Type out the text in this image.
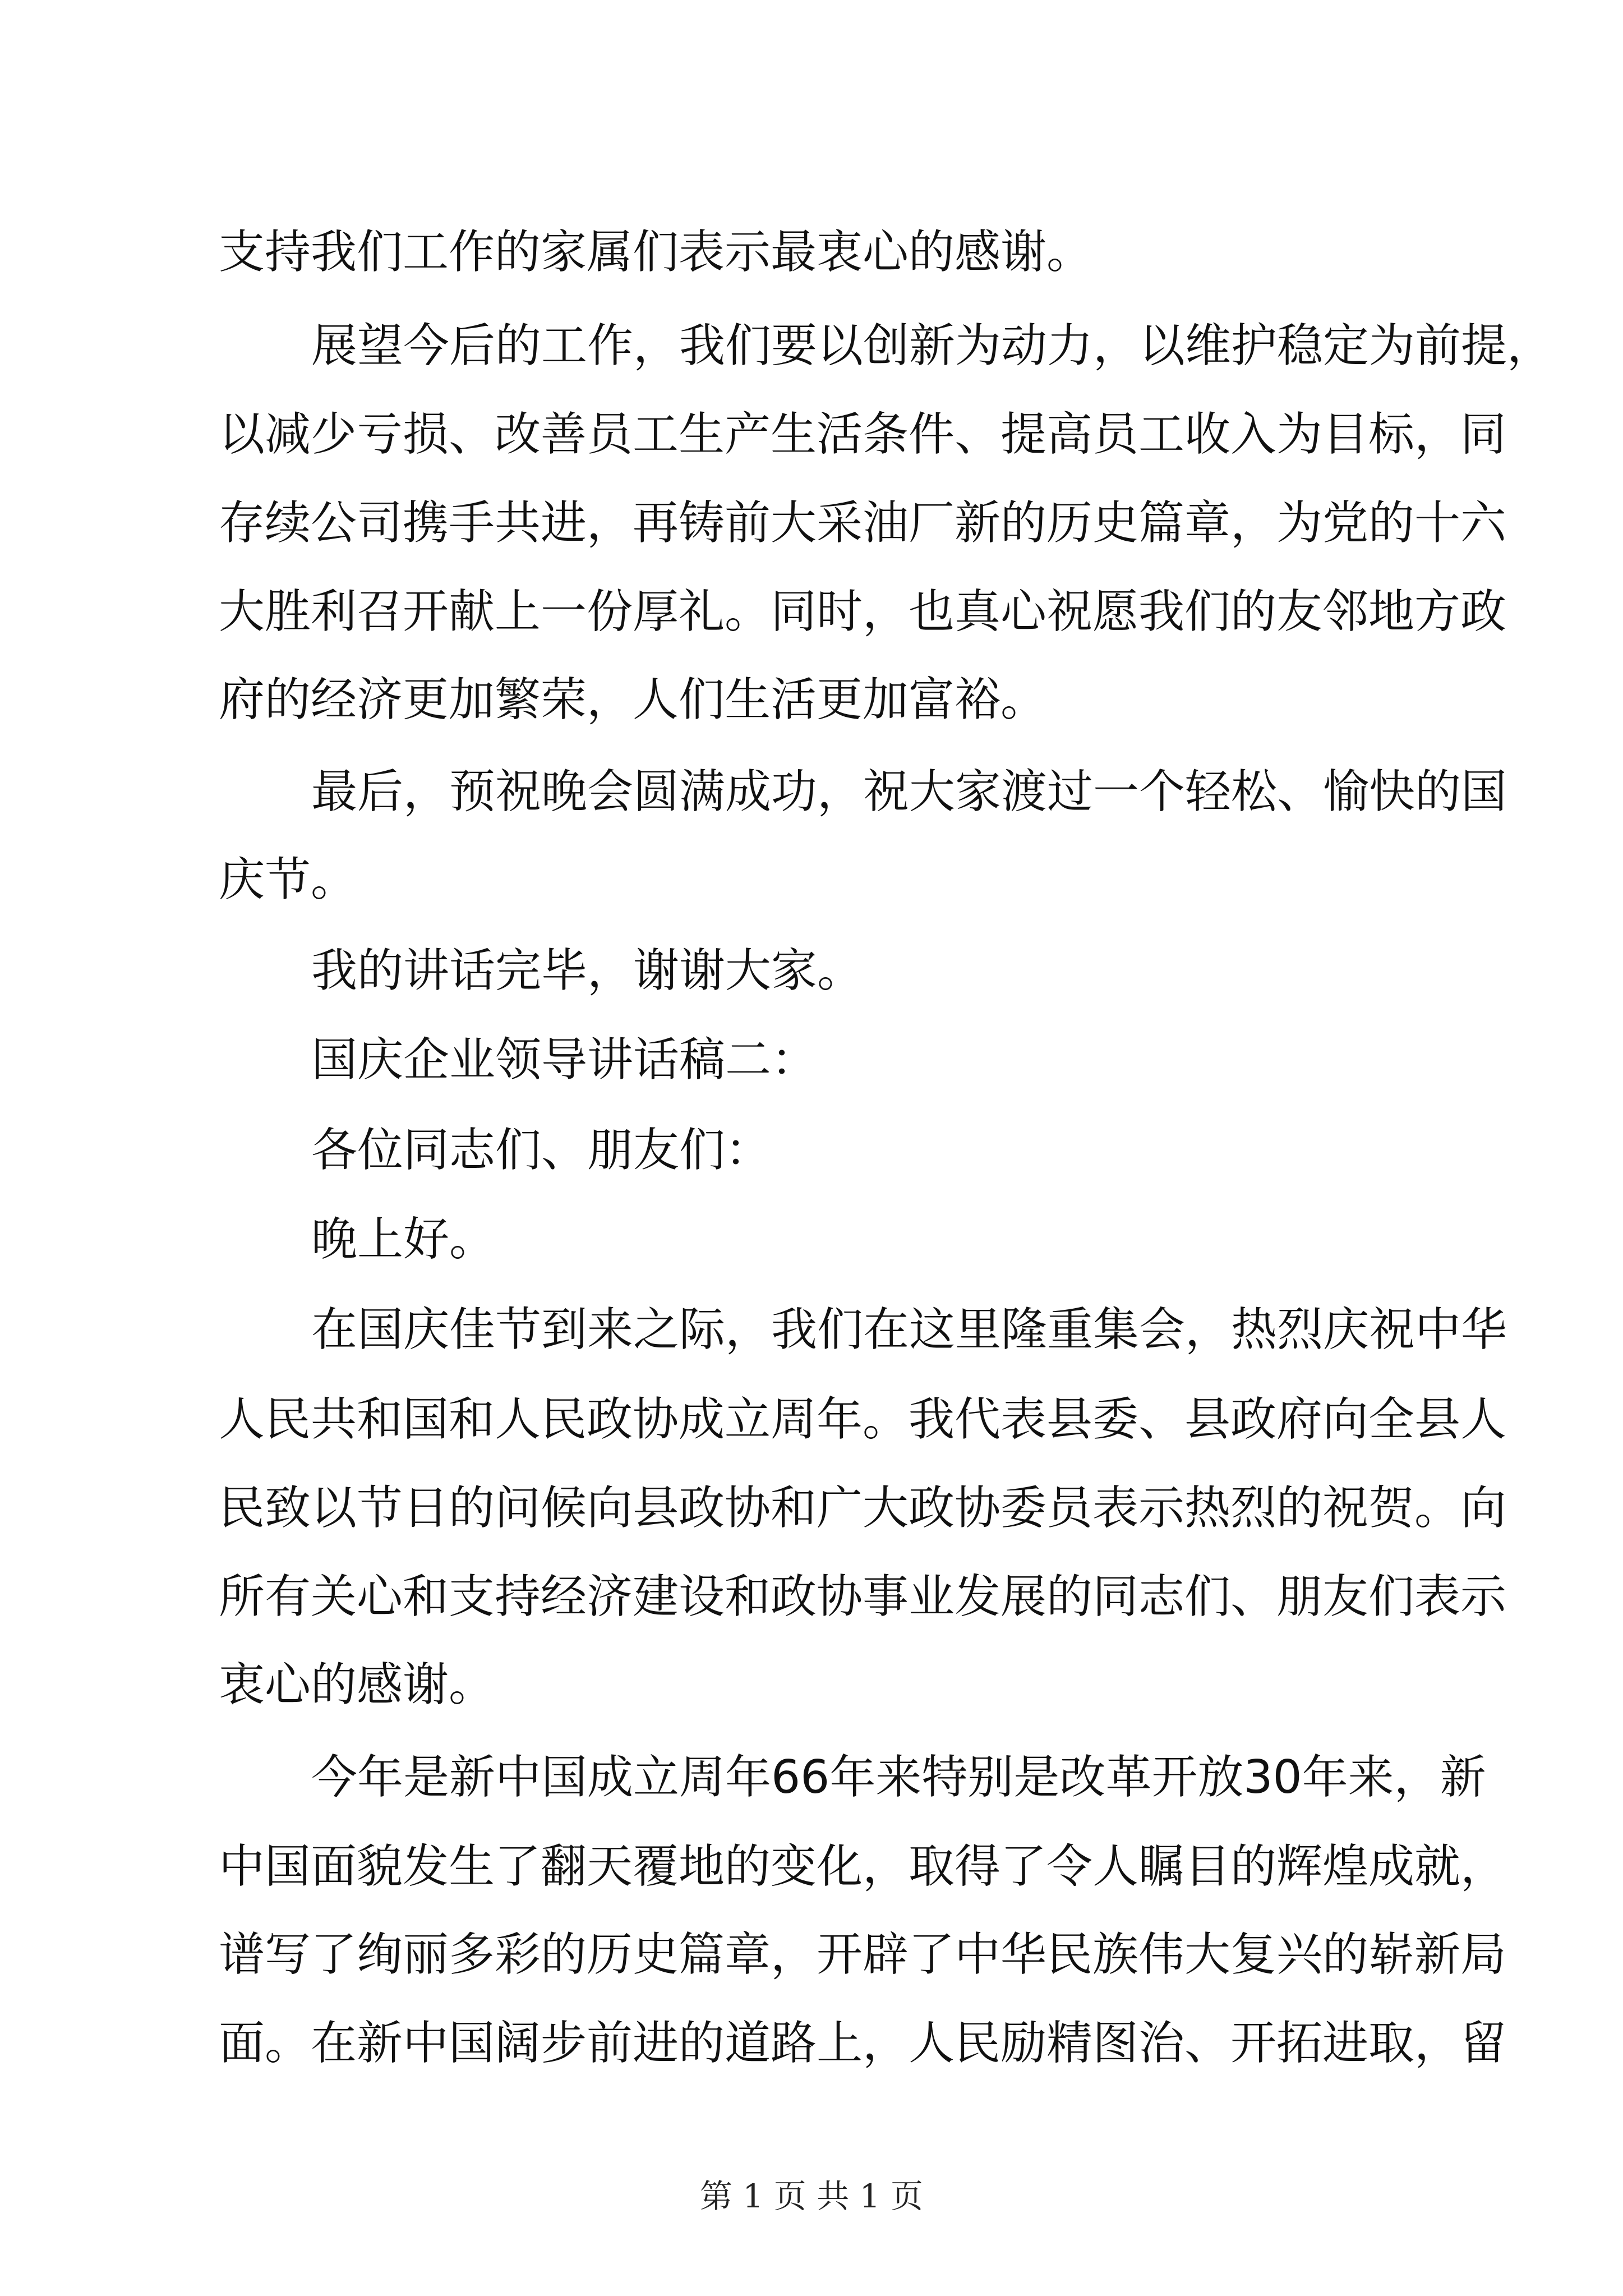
支持我们工作的家属们表示最衷心的感谢。
展望今后的工作，我们要以创新为动力，以维护稳定为前提，
以减少亏损、改善员工生产生活条件、提高员工收入为目标，同
存续公司携手共进，再铸前大采油厂新的历史篇章，为党的十六
大胜利召开献上一份厚礼。同时，也真心祝愿我们的友邻地方政
府的经济更加繁荣，人们生活更加富裕。
最后，预祝晚会圆满成功，祝大家渡过一个轻松、愉快的国
庆节。
我的讲话完毕，谢谢大家。
国庆企业领导讲话稿二：
各位同志们、朋友们：
晚上好。
在国庆佳节到来之际，我们在这里隆重集会，热烈庆祝中华
人民共和国和人民政协成立周年。我代表县委、县政府向全县人
民致以节日的问候向县政协和广大政协委员表示热烈的祝贺。向
所有关心和支持经济建设和政协事业发展的同志们、朋友们表示
衷心的感谢。
今年是新中国成立周年66年来特别是改革开放30年来，新
中国面貌发生了翻天覆地的变化，取得了令人瞩目的辉煌成就，
谱写了绚丽多彩的历史篇章，开辟了中华民族伟大复兴的崭新局
面。在新中国阔步前进的道路上，人民励精图治、开拓进取，留
第 1 页 共 1 页
